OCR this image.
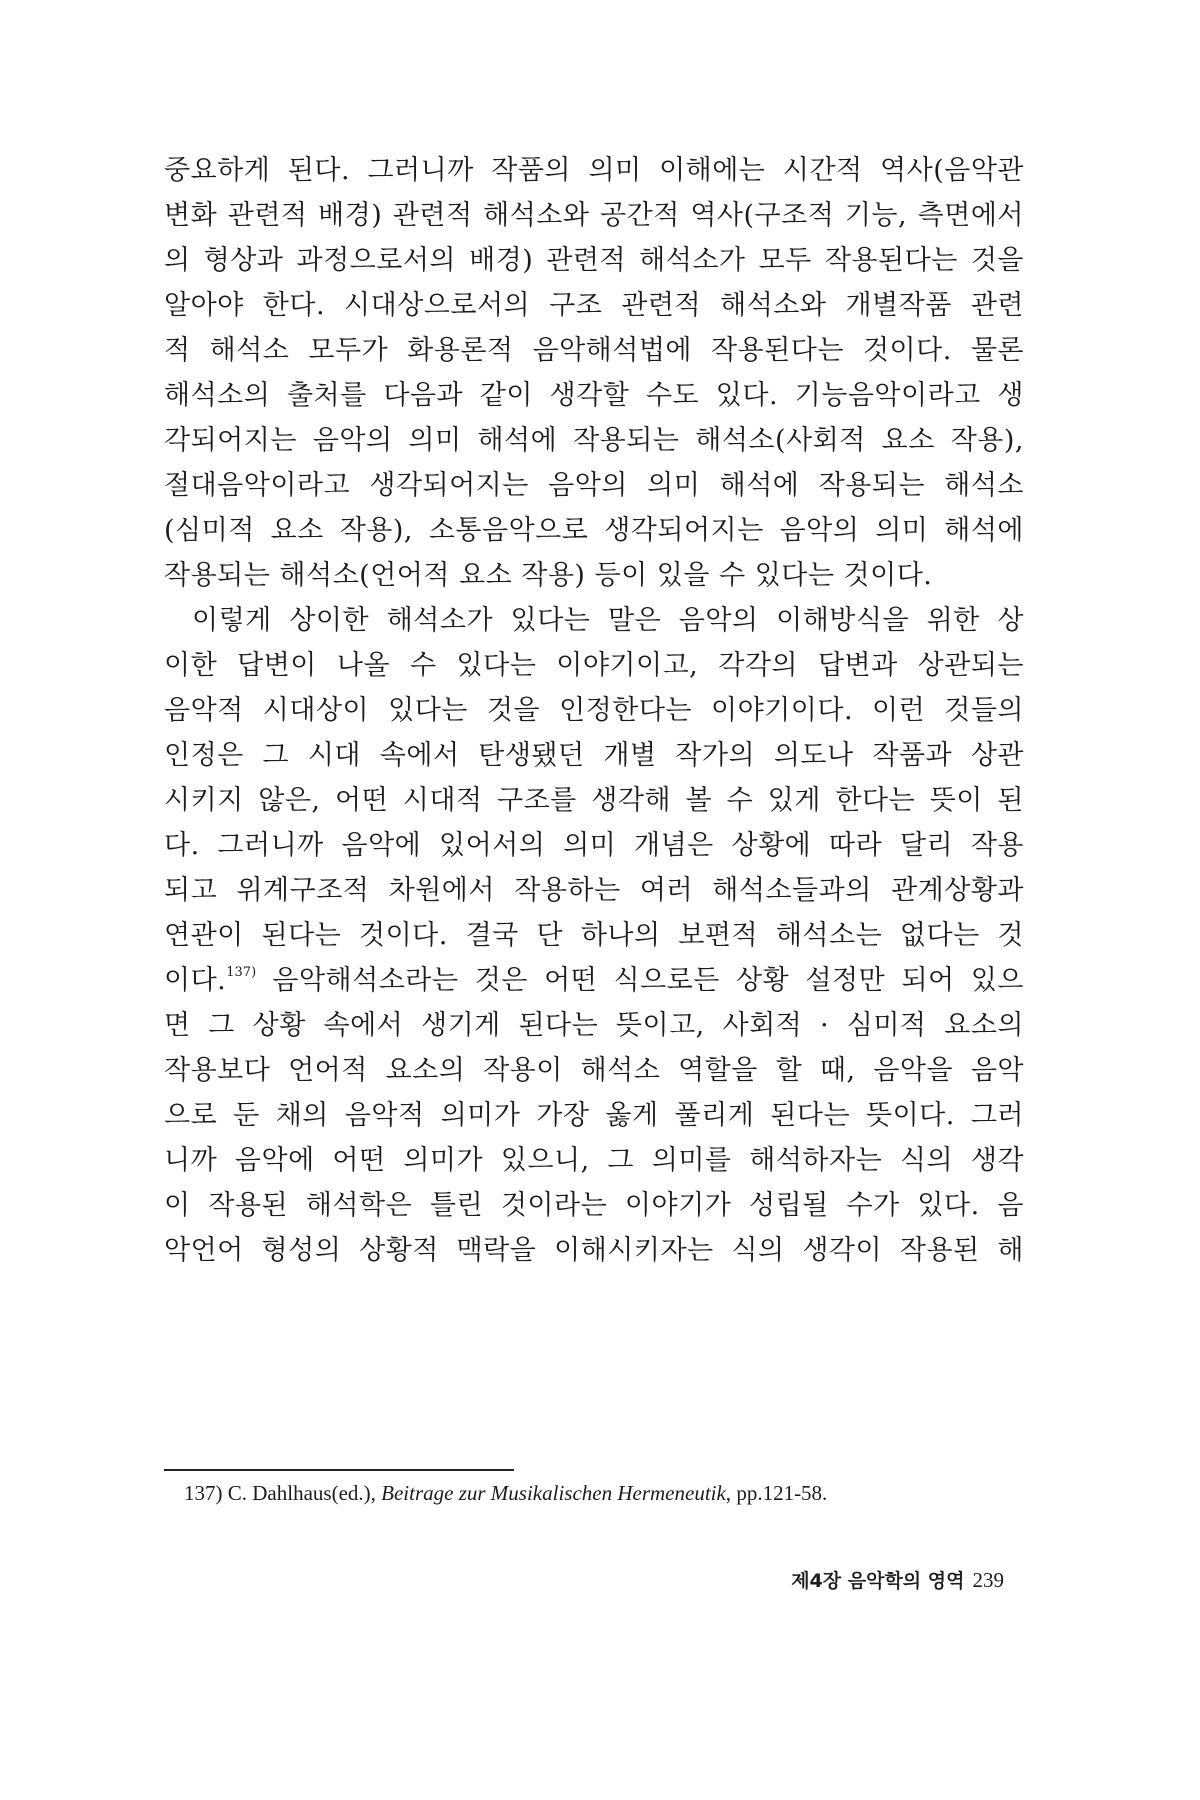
중요하게 된다. 그러니까 작품의 의미 이해에는 시간적 역사(음악관
변화 관련적 배경) 관련적 해석소와 공간적 역사(구조적 기능, 측면에서
의 형상과 과정으로서의 배경) 관련적 해석소가 모두 작용된다는 것을
알아야 한다. 시대상으로서의 구조 관련적 해석소와 개별작품 관련
적 해석소 모두가 화용론적 음악해석법에 작용된다는 것이다. 물론
해석소의 출처를 다음과 같이 생각할 수도 있다. 기능음악이라고 생
각되어지는 음악의 의미 해석에 작용되는 해석소(사회적 요소 작용),
절대음악이라고 생각되어지는 음악의 의미 해석에 작용되는 해석소
(심미적 요소 작용), 소통음악으로 생각되어지는 음악의 의미 해석에
작용되는 해석소(언어적 요소 작용) 등이 있을 수 있다는 것이다.
이렇게 상이한 해석소가 있다는 말은 음악의 이해방식을 위한 상
이한 답변이 나올 수 있다는 이야기이고, 각각의 답변과 상관되는
음악적 시대상이 있다는 것을 인정한다는 이야기이다. 이런 것들의
인정은 그 시대 속에서 탄생됐던 개별 작가의 의도나 작품과 상관
시키지 않은, 어떤 시대적 구조를 생각해 볼 수 있게 한다는 뜻이 된
다. 그러니까 음악에 있어서의 의미 개념은 상황에 따라 달리 작용
되고 위계구조적 차원에서 작용하는 여러 해석소들과의 관계상황과
연관이 된다는 것이다. 결국 단 하나의 보편적 해석소는 없다는 것
이다.$^{137)}$ 음악해석소라는 것은 어떤 식으로든 상황 설정만 되어 있으
면 그 상황 속에서 생기게 된다는 뜻이고, 사회적 · 심미적 요소의
작용보다 언어적 요소의 작용이 해석소 역할을 할 때, 음악을 음악
으로 둔 채의 음악적 의미가 가장 옳게 풀리게 된다는 뜻이다. 그러
니까 음악에 어떤 의미가 있으니, 그 의미를 해석하자는 식의 생각
이 작용된 해석학은 틀린 것이라는 이야기가 성립될 수가 있다. 음
악언어 형성의 상황적 맥락을 이해시키자는 식의 생각이 작용된 해
137) C. Dahlhaus(ed.), Beitrage zur Musikalischen Hermeneutik, pp.121-58.
제4장 음악학의 영역 239
